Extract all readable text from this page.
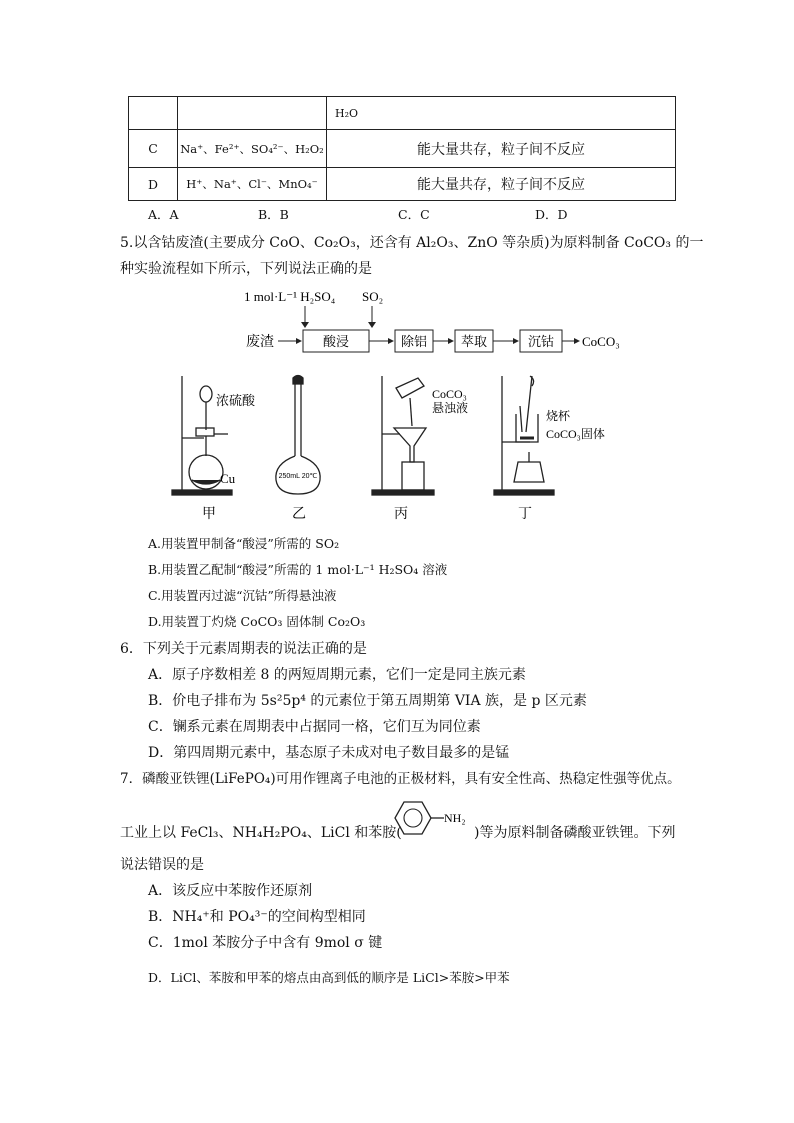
		H₂O
C	Na⁺、Fe²⁺、SO₄²⁻、H₂O₂	能大量共存，粒子间不反应
D	H⁺、Na⁺、Cl⁻、MnO₄⁻	能大量共存，粒子间不反应
A．A	B．B	C．C	D．D
5.以含钴废渣(主要成分 CoO、Co₂O₃，还含有 Al₂O₃、ZnO 等杂质)为原料制备 CoCO₃ 的一
种实验流程如下所示，下列说法正确的是
1 mol·L⁻¹ H₂SO₄ SO₂
废渣	酸浸	除铝	萃取	沉钴 CoCO₃
浓硫酸
Cu
甲
250mL 20℃
乙
CoCO₃
悬浊液
丙
烧杯
CoCO₃固体
丁
A.用装置甲制备“酸浸”所需的 SO₂
B.用装置乙配制“酸浸”所需的 1 mol·L⁻¹ H₂SO₄ 溶液
C.用装置丙过滤“沉钴”所得悬浊液
D.用装置丁灼烧 CoCO₃ 固体制 Co₂O₃
6．下列关于元素周期表的说法正确的是
A．原子序数相差 8 的两短周期元素，它们一定是同主族元素
B．价电子排布为 5s²5p⁴ 的元素位于第五周期第 VIA 族，是 p 区元素
C．镧系元素在周期表中占据同一格，它们互为同位素
D．第四周期元素中，基态原子未成对电子数目最多的是锰
7．磷酸亚铁锂(LiFePO₄)可用作锂离子电池的正极材料，具有安全性高、热稳定性强等优点。
工业上以 FeCl₃、NH₄H₂PO₄、LiCl 和苯胺(
NH₂
)等为原料制备磷酸亚铁锂。下列
说法错误的是
A．该反应中苯胺作还原剂
B．NH₄⁺和 PO₄³⁻的空间构型相同
C．1mol 苯胺分子中含有 9mol σ 键
D．LiCl、苯胺和甲苯的熔点由高到低的顺序是 LiCl>苯胺>甲苯
